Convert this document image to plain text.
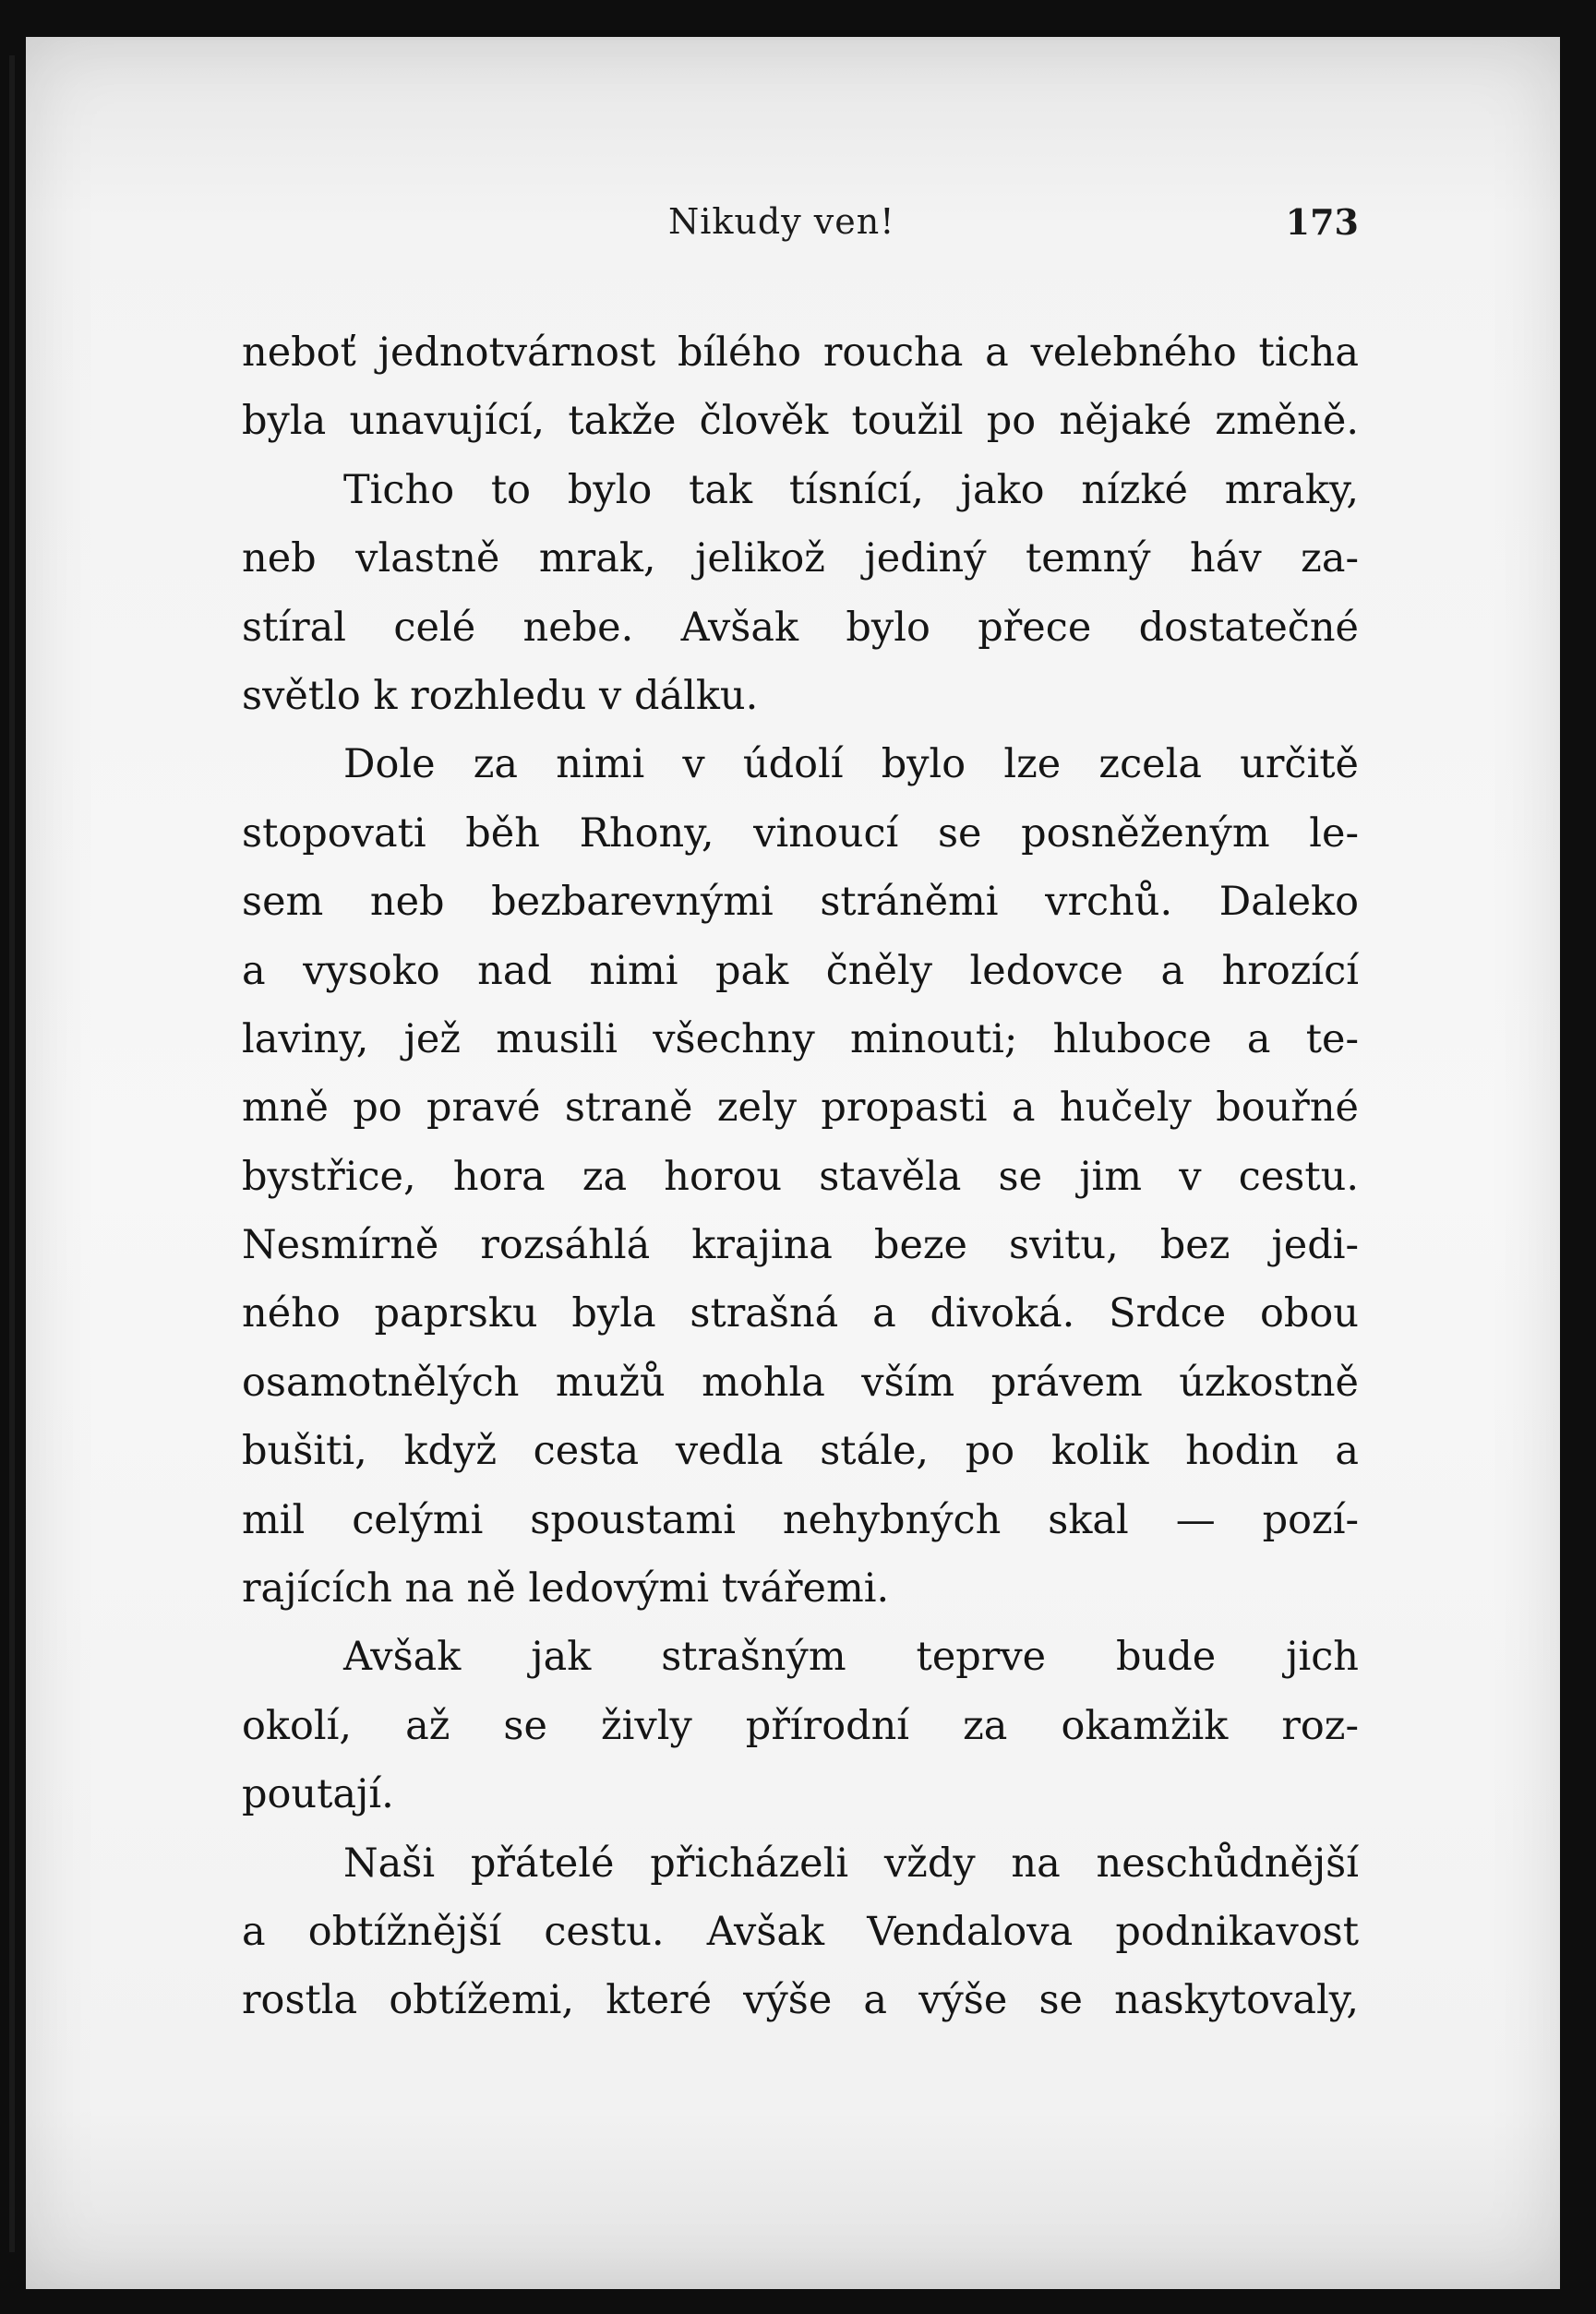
Nikudy ven!	173
neboť jednotvárnost bílého roucha a velebného ticha
byla unavující, takže člověk toužil po nějaké změně.
Ticho to bylo tak tísnící, jako nízké mraky,
neb vlastně mrak, jelikož jediný temný háv za-
stíral celé nebe. Avšak bylo přece dostatečné
světlo k rozhledu v dálku.
Dole za nimi v údolí bylo lze zcela určitě
stopovati běh Rhony, vinoucí se posněženým le-
sem neb bezbarevnými stráněmi vrchů. Daleko
a vysoko nad nimi pak čněly ledovce a hrozící
laviny, jež musili všechny minouti; hluboce a te-
mně po pravé straně zely propasti a hučely bouřné
bystřice, hora za horou stavěla se jim v cestu.
Nesmírně rozsáhlá krajina beze svitu, bez jedi-
ného paprsku byla strašná a divoká. Srdce obou
osamotnělých mužů mohla vším právem úzkostně
bušiti, když cesta vedla stále, po kolik hodin a
mil celými spoustami nehybných skal — pozí-
rajících na ně ledovými tvářemi.
Avšak jak strašným teprve bude jich
okolí, až se živly přírodní za okamžik roz-
poutají.
Naši přátelé přicházeli vždy na neschůdnější
a obtížnější cestu. Avšak Vendalova podnikavost
rostla obtížemi, které výše a výše se naskytovaly,
